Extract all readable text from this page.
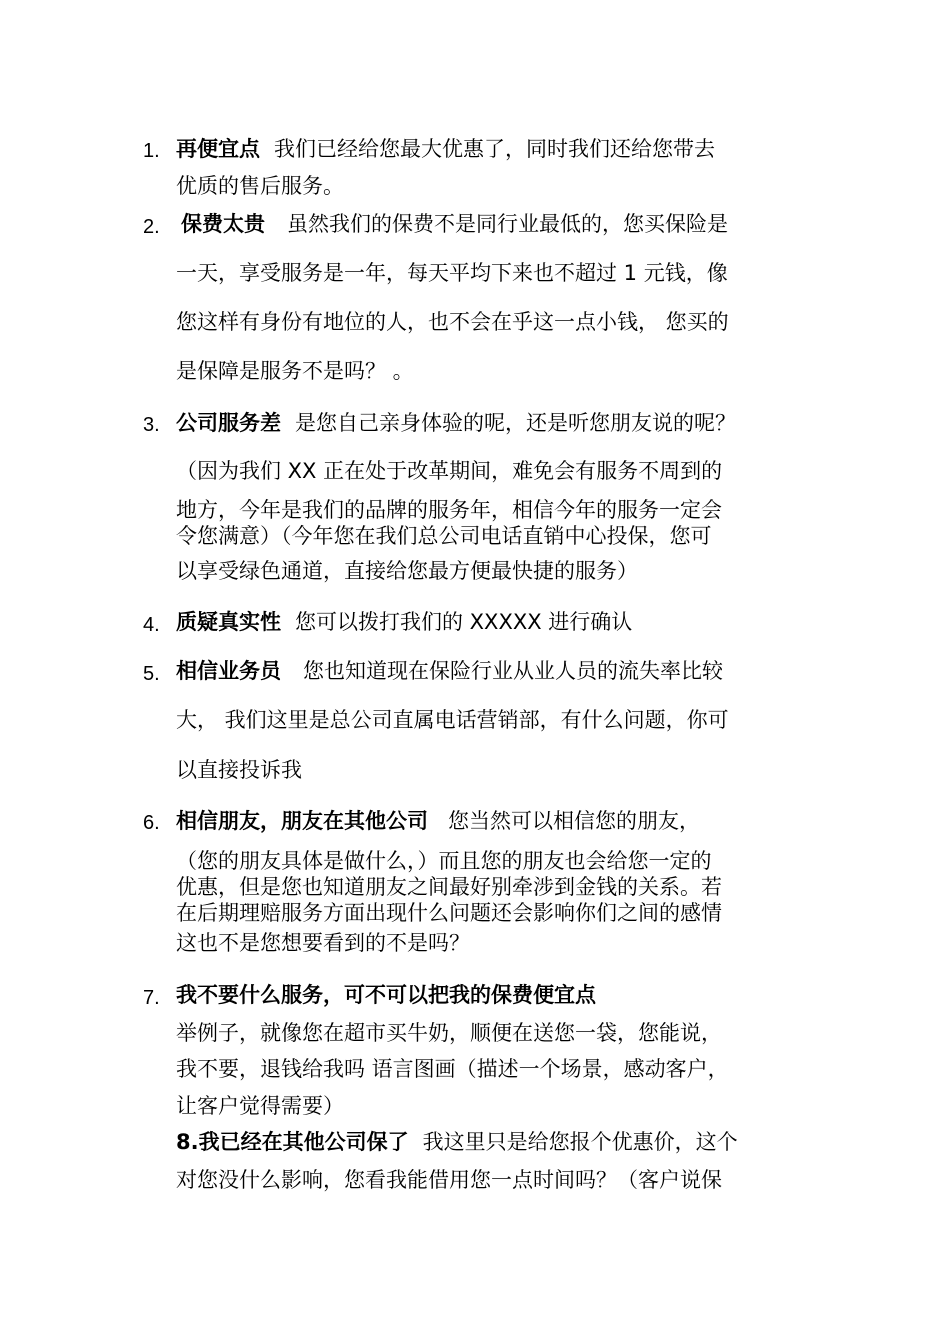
1. 再便宜点 我们已经给您最大优惠了，同时我们还给您带去
优质的售后服务。
2. 保费太贵 虽然我们的保费不是同行业最低的，您买保险是
一天，享受服务是一年，每天平均下来也不超过 1 元钱，像
您这样有身份有地位的人，也不会在乎这一点小钱， 您买的
是保障是服务不是吗？ 。
3. 公司服务差 是您自己亲身体验的呢，还是听您朋友说的呢？
（因为我们 XX 正在处于改革期间，难免会有服务不周到的
地方，今年是我们的品牌的服务年，相信今年的服务一定会
令您满意）（今年您在我们总公司电话直销中心投保，您可
以享受绿色通道，直接给您最方便最快捷的服务）
4. 质疑真实性 您可以拨打我们的 XXXXX 进行确认
5. 相信业务员 您也知道现在保险行业从业人员的流失率比较
大， 我们这里是总公司直属电话营销部，有什么问题，你可
以直接投诉我
6. 相信朋友，朋友在其他公司 您当然可以相信您的朋友，
（您的朋友具体是做什么，）而且您的朋友也会给您一定的
优惠，但是您也知道朋友之间最好别牵涉到金钱的关系。若
在后期理赔服务方面出现什么问题还会影响你们之间的感情
这也不是您想要看到的不是吗？
7. 我不要什么服务，可不可以把我的保费便宜点
举例子，就像您在超市买牛奶，顺便在送您一袋，您能说，
我不要，退钱给我吗 语言图画（描述一个场景，感动客户，
让客户觉得需要）
8.我已经在其他公司保了 我这里只是给您报个优惠价，这个
对您没什么影响，您看我能借用您一点时间吗？（客户说保
